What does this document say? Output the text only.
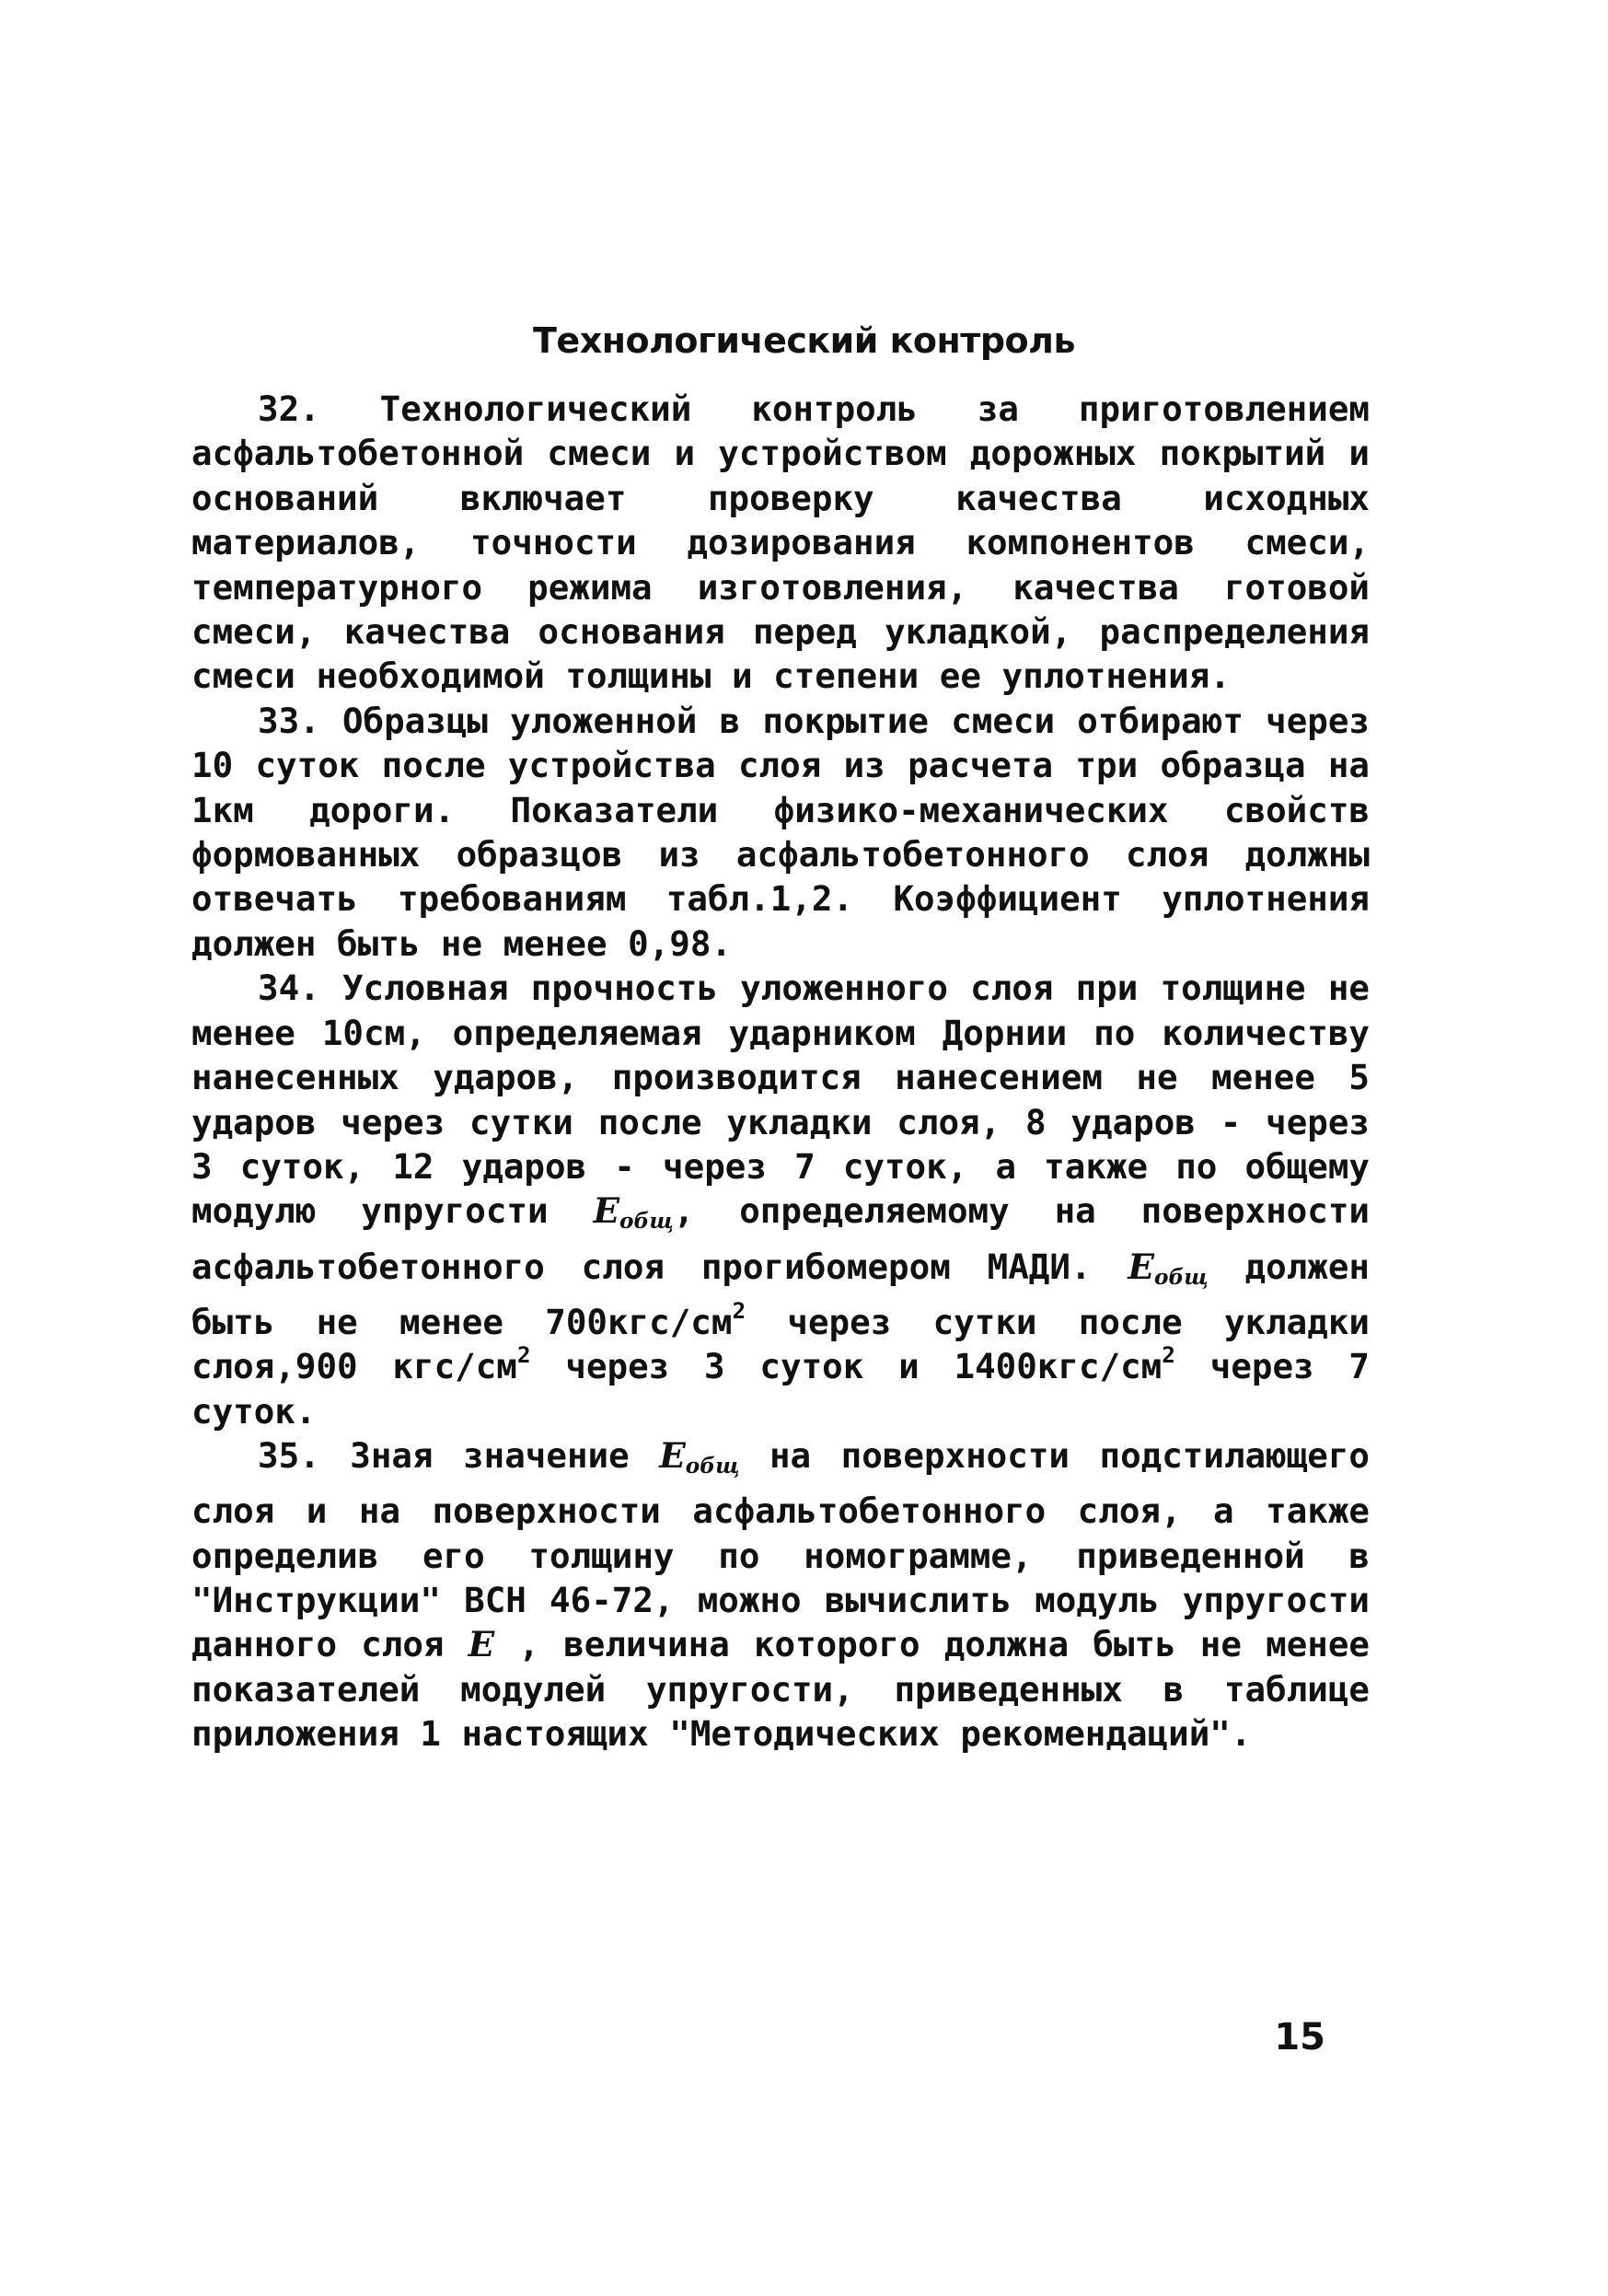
Технологический контроль

32. Технологический контроль за приготовлением асфальтобетонной смеси и устройством дорожных покрытий и оснований включает проверку качества исходных материалов, точности дозирования компонентов смеси, температурного режима изготовления, качества готовой смеси, качества основания перед укладкой, распределения смеси необходимой толщины и степени ее уплотнения.

33. Образцы уложенной в покрытие смеси отбирают через 10 суток после устройства слоя из расчета три образца на 1км дороги. Показатели физико-механических свойств формованных образцов из асфальтобетонного слоя должны отвечать требованиям табл.1,2. Коэффициент уплотнения должен быть не менее 0,98.

34. Условная прочность уложенного слоя при толщине не менее 10см, определяемая ударником Дорнии по количеству нанесенных ударов, производится нанесением не менее 5 ударов через сутки после укладки слоя, 8 ударов - через 3 суток, 12 ударов - через 7 суток, а также по общему модулю упругости $E_{общ}$, определяемому на поверхности асфальтобетонного слоя прогибомером МАДИ. $E_{общ}$ должен быть не менее $700кгс/см^2$ через сутки после укладки слоя,900 кгс/$см^2$ через 3 суток и $1400кгс/см^2$ через 7 суток.

35. Зная значение $E_{общ}$ на поверхности подстилающего слоя и на поверхности асфальтобетонного слоя, а также определив его толщину по номограмме, приведенной в "Инструкции" ВСН 46-72, можно вычислить модуль упругости данного слоя E , величина которого должна быть не менее показателей модулей упругости, приведенных в таблице приложения 1 настоящих "Методических рекомендаций".

15
